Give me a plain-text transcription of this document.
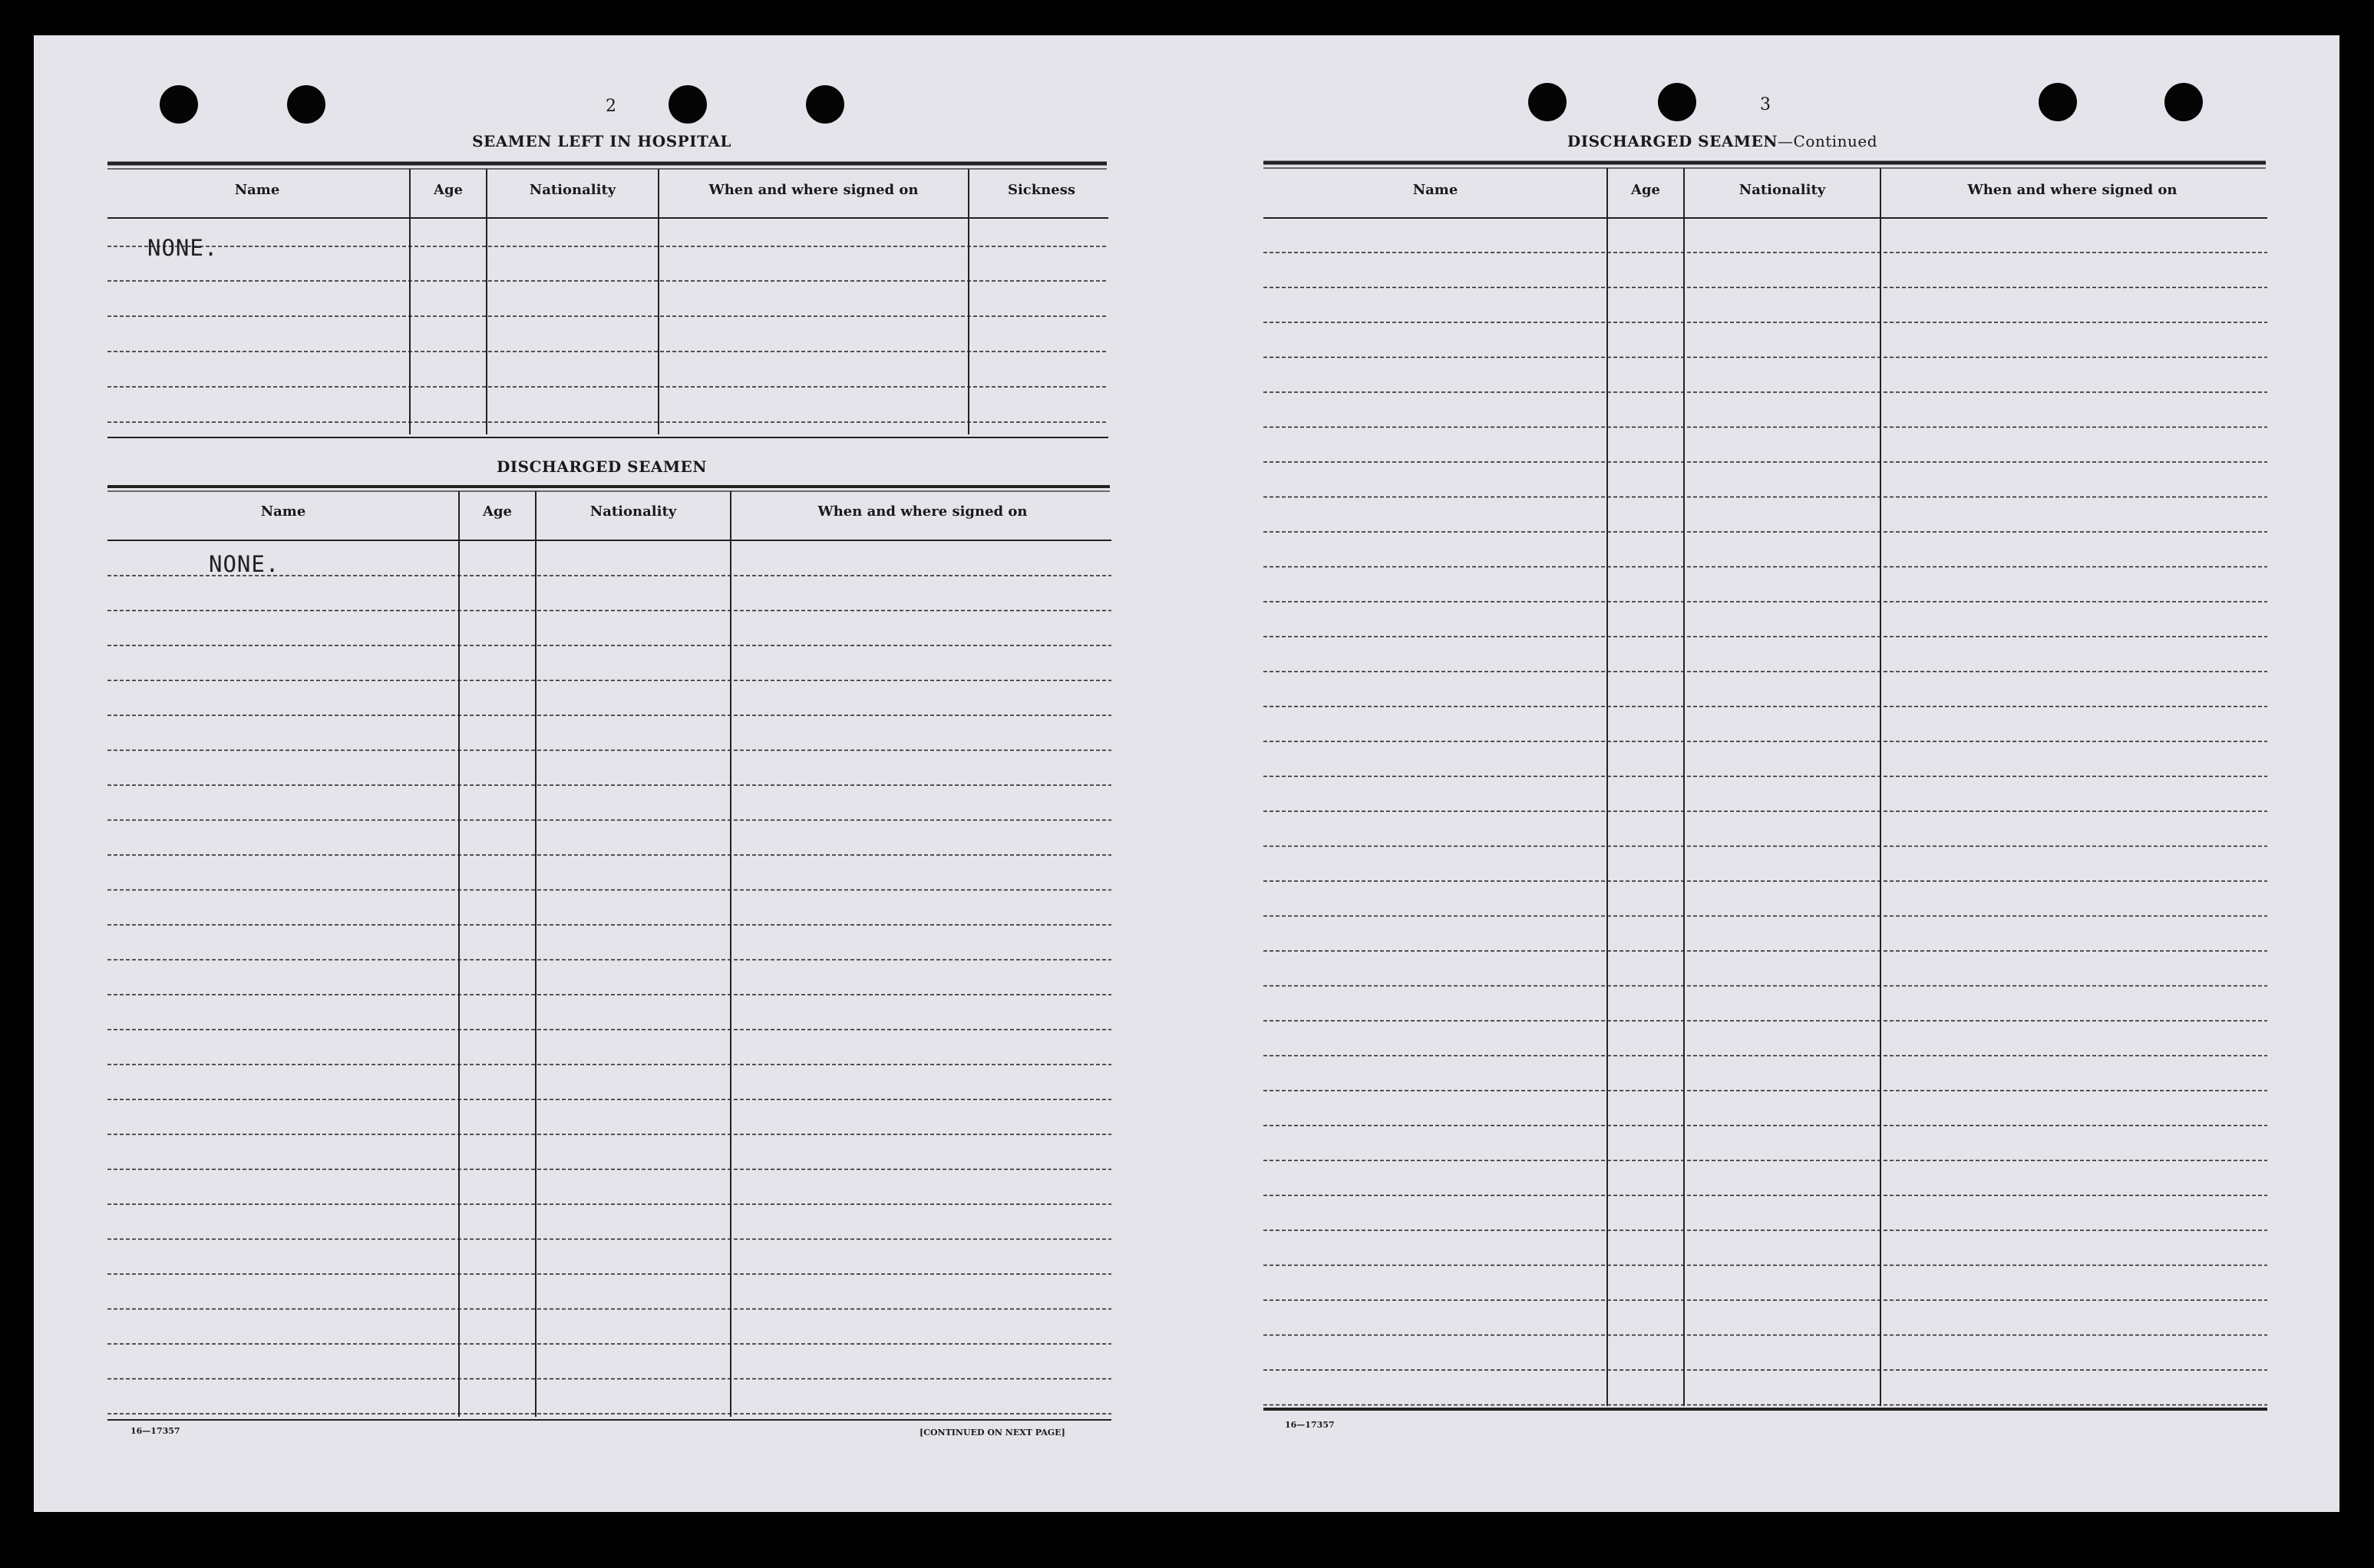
2
SEAMEN LEFT IN HOSPITAL
Name	Age	Nationality	When and where signed on	Sickness
NONE.
DISCHARGED SEAMEN
Name	Age	Nationality	When and where signed on
NONE.
16—17357	[CONTINUED ON NEXT PAGE]
3
DISCHARGED SEAMEN—Continued
Name	Age	Nationality	When and where signed on
16—17357
